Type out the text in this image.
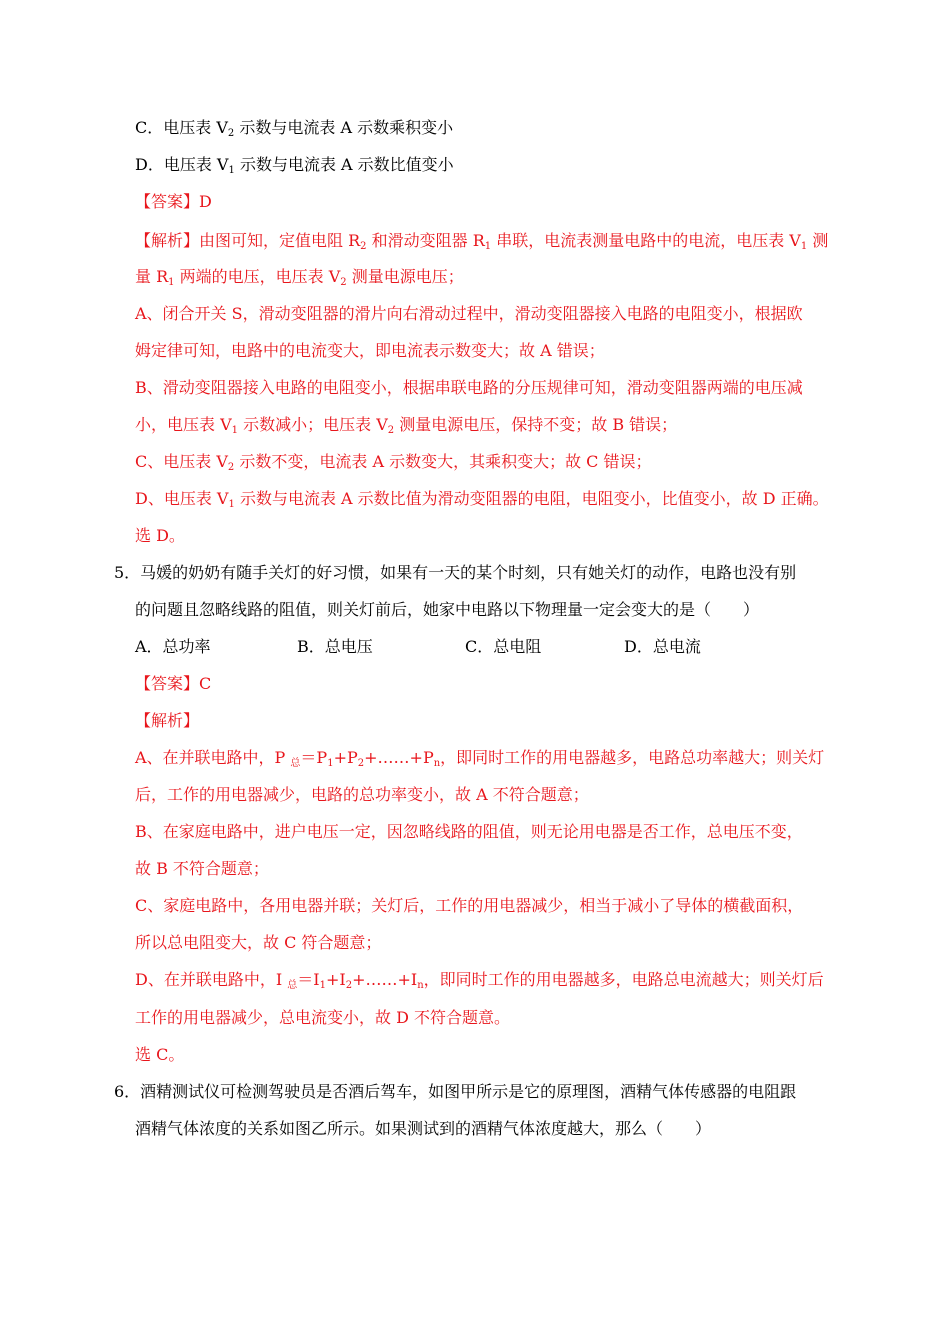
C．电压表 $V_2$ 示数与电流表 A 示数乘积变小
D．电压表 $V_1$ 示数与电流表 A 示数比值变小
【答案】D
【解析】由图可知，定值电阻 $R_2$ 和滑动变阻器 $R_1$ 串联，电流表测量电路中的电流，电压表 $V_1$ 测
量 $R_1$ 两端的电压，电压表 $V_2$ 测量电源电压；
A、闭合开关 S，滑动变阻器的滑片向右滑动过程中，滑动变阻器接入电路的电阻变小，根据欧
姆定律可知，电路中的电流变大，即电流表示数变大；故 A 错误；
B、滑动变阻器接入电路的电阻变小，根据串联电路的分压规律可知，滑动变阻器两端的电压减
小，电压表 $V_1$ 示数减小；电压表 $V_2$ 测量电源电压，保持不变；故 B 错误；
C、电压表 $V_2$ 示数不变，电流表 A 示数变大，其乘积变大；故 C 错误；
D、电压表 $V_1$ 示数与电流表 A 示数比值为滑动变阻器的电阻，电阻变小，比值变小，故 D 正确。
选 D。
5．马媛的奶奶有随手关灯的好习惯，如果有一天的某个时刻，只有她关灯的动作，电路也没有别
的问题且忽略线路的阻值，则关灯前后，她家中电路以下物理量一定会变大的是（　　）
A．总功率	B．总电压	C．总电阻	D．总电流
【答案】C
【解析】
A、在并联电路中，P $_总=P_1+P_2+\dots\dots+P_n$，即同时工作的用电器越多，电路总功率越大；则关灯
后，工作的用电器减少，电路的总功率变小，故 A 不符合题意；
B、在家庭电路中，进户电压一定，因忽略线路的阻值，则无论用电器是否工作，总电压不变，
故 B 不符合题意；
C、家庭电路中，各用电器并联；关灯后，工作的用电器减少，相当于减小了导体的横截面积，
所以总电阻变大，故 C 符合题意；
D、在并联电路中，I $_总=I_1+I_2+\dots\dots+I_n$，即同时工作的用电器越多，电路总电流越大；则关灯后
工作的用电器减少，总电流变小，故 D 不符合题意。
选 C。
6．酒精测试仪可检测驾驶员是否酒后驾车，如图甲所示是它的原理图，酒精气体传感器的电阻跟
酒精气体浓度的关系如图乙所示。如果测试到的酒精气体浓度越大，那么（　　）
